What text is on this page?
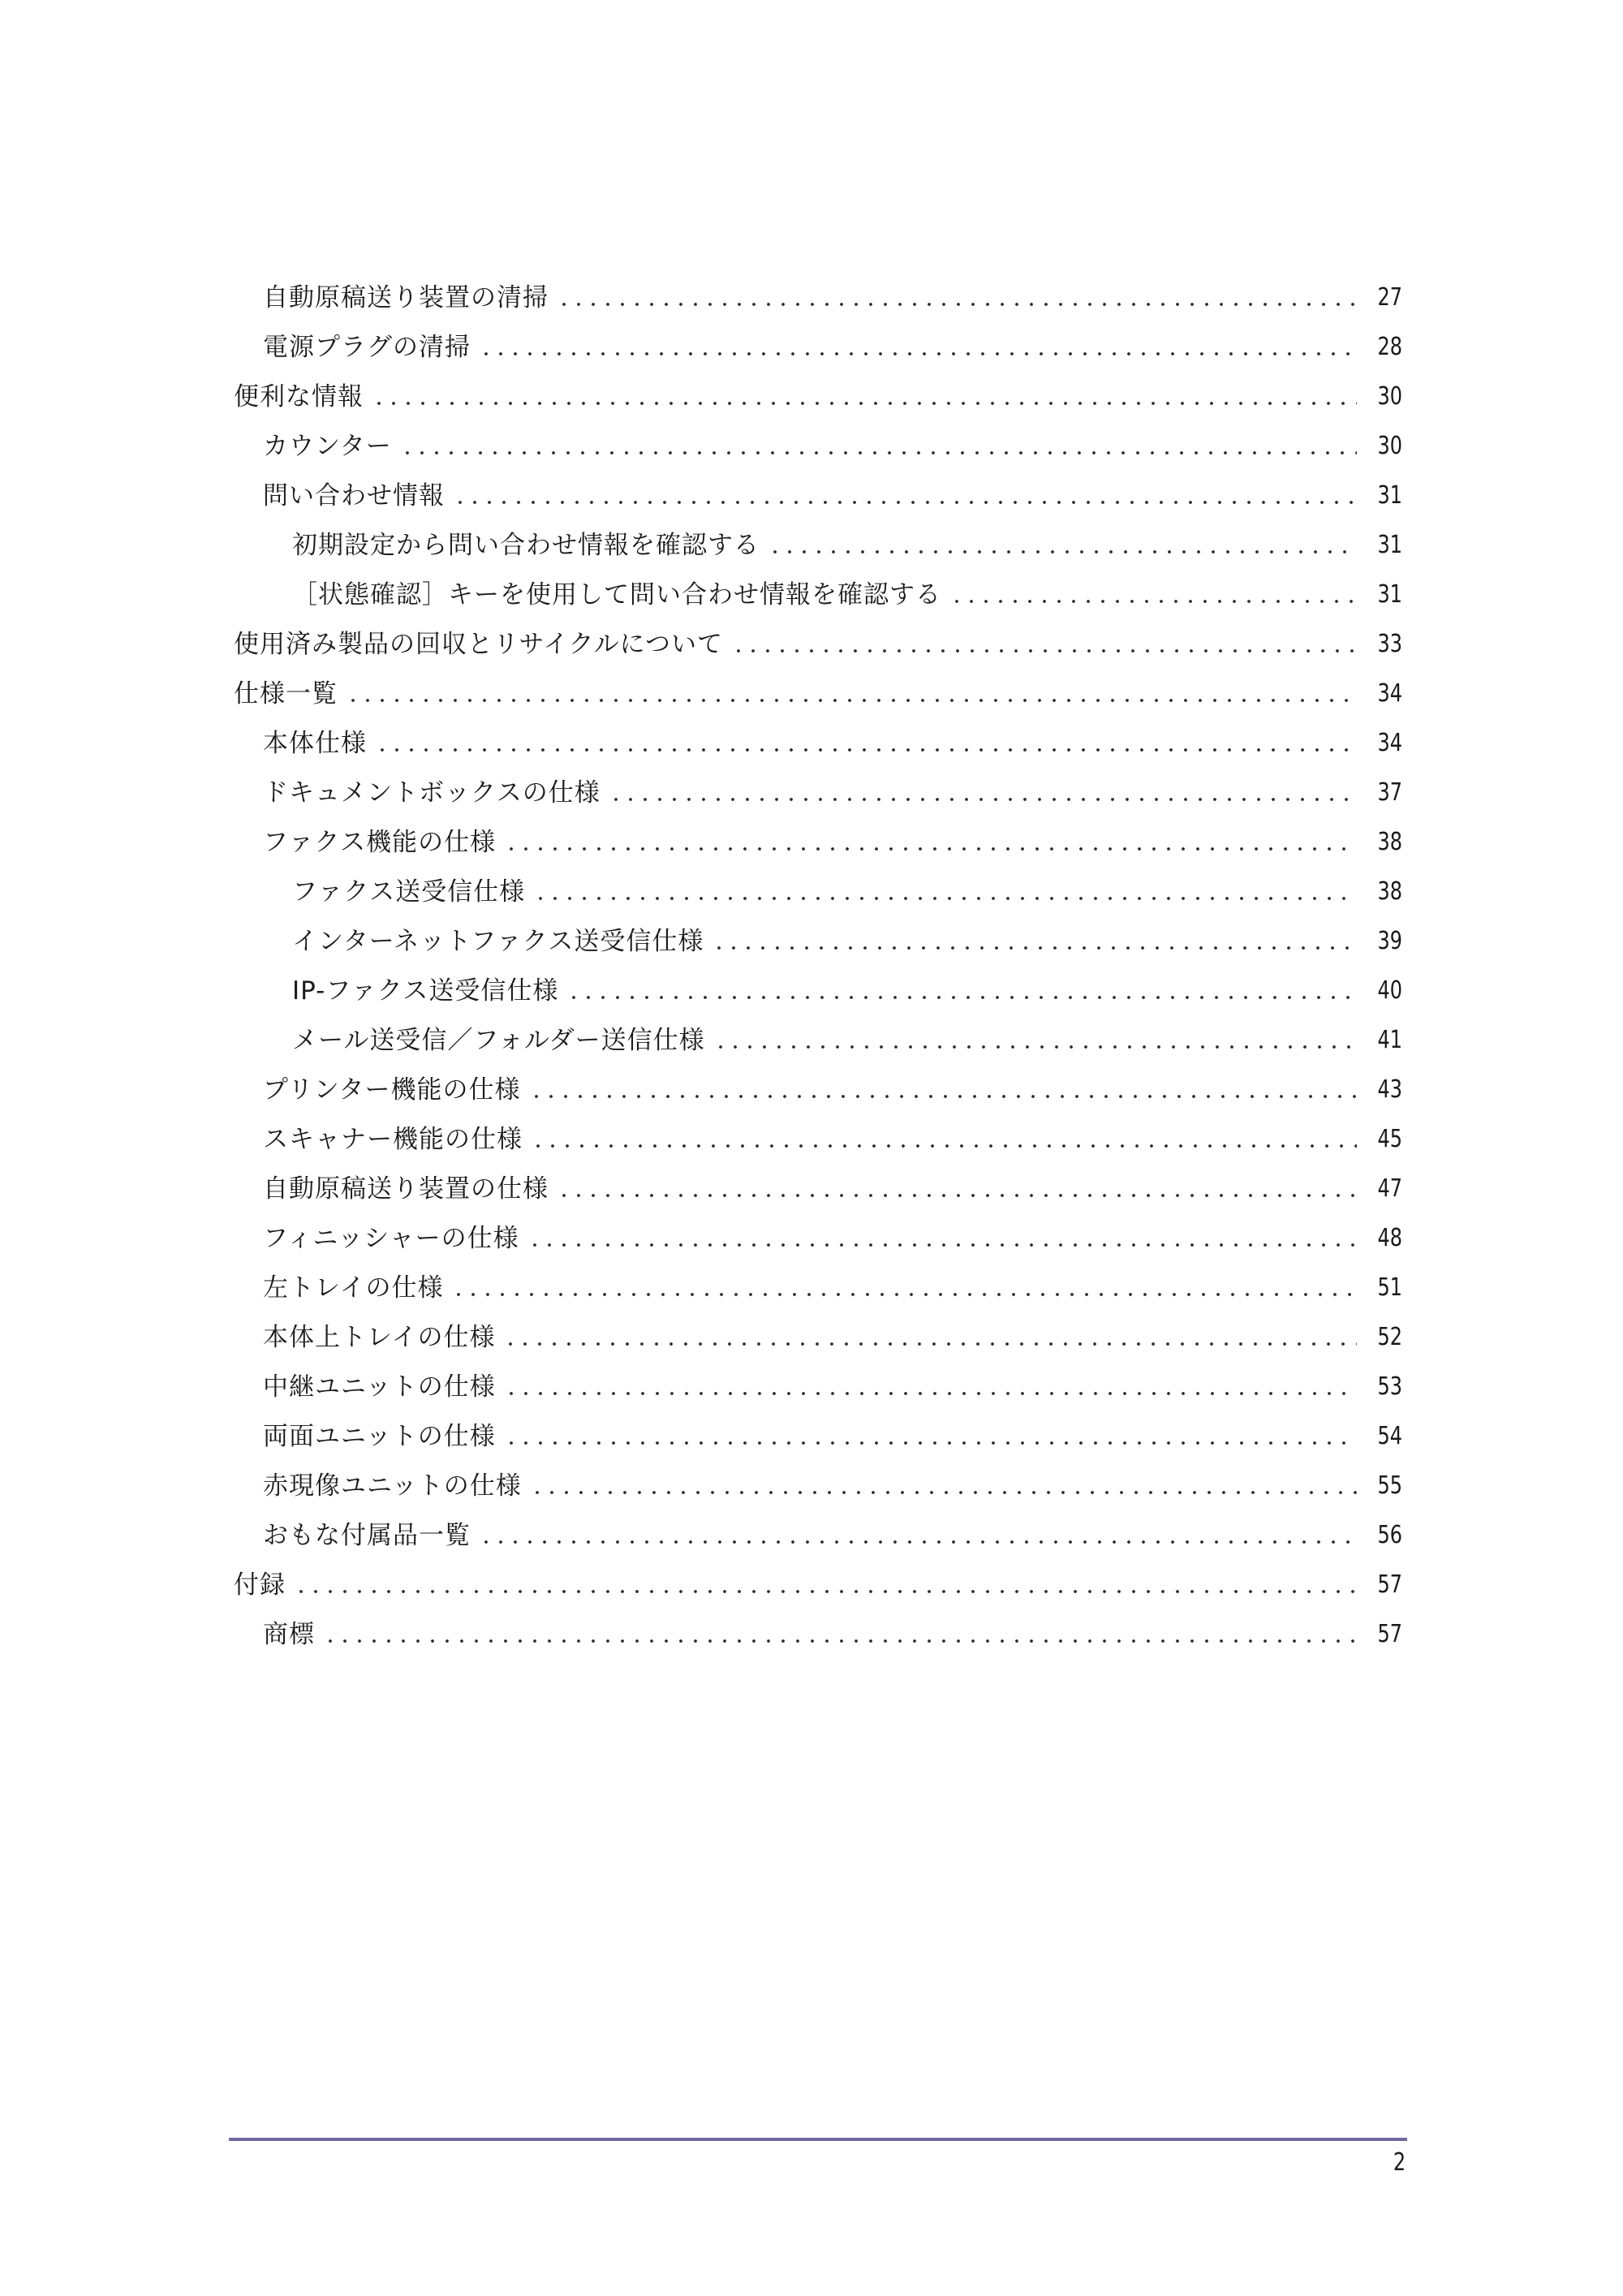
自動原稿送り装置の清掃	27
電源プラグの清掃	28
便利な情報	30
カウンター	30
問い合わせ情報	31
初期設定から問い合わせ情報を確認する	31
［状態確認］キーを使用して問い合わせ情報を確認する	31
使用済み製品の回収とリサイクルについて	33
仕様一覧	34
本体仕様	34
ドキュメントボックスの仕様	37
ファクス機能の仕様	38
ファクス送受信仕様	38
インターネットファクス送受信仕様	39
IP-ファクス送受信仕様	40
メール送受信／フォルダー送信仕様	41
プリンター機能の仕様	43
スキャナー機能の仕様	45
自動原稿送り装置の仕様	47
フィニッシャーの仕様	48
左トレイの仕様	51
本体上トレイの仕様	52
中継ユニットの仕様	53
両面ユニットの仕様	54
赤現像ユニットの仕様	55
おもな付属品一覧	56
付録	57
商標	57
2
